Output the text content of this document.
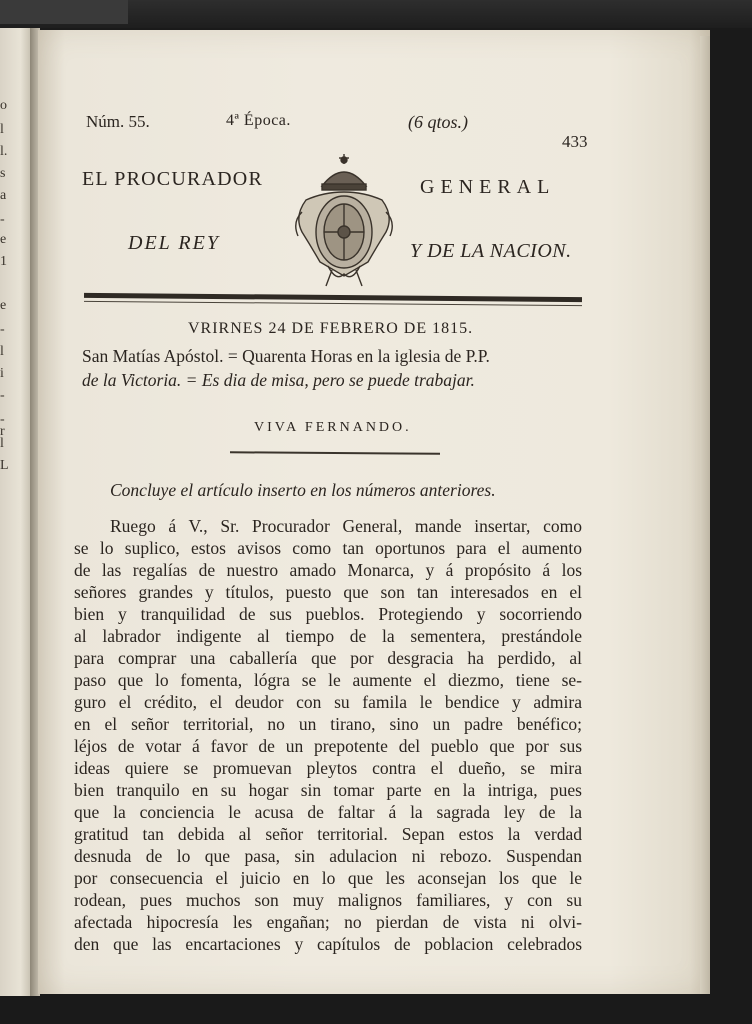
o
l
l.
s
a
-
e
1
e
-
l
i
-
-
r
l
L
Núm. 55.	4ª Época.	(6 qtos.)
433
EL PROCURADOR	GENERAL
DEL REY	Y DE LA NACION.
VRIRNES 24 DE FEBRERO DE 1815.
San Matías Apóstol. = Quarenta Horas en la iglesia de P.P.
de la Victoria. = Es dia de misa, pero se puede trabajar.
VIVA FERNANDO.
Concluye el artículo inserto en los números anteriores.
Ruego á V., Sr. Procurador General, mande insertar, como
se lo suplico, estos avisos como tan oportunos para el aumento
de las regalías de nuestro amado Monarca, y á propósito á los
señores grandes y títulos, puesto que son tan interesados en el
bien y tranquilidad de sus pueblos. Protegiendo y socorriendo
al labrador indigente al tiempo de la sementera, prestándole
para comprar una caballería que por desgracia ha perdido, al
paso que lo fomenta, lógra se le aumente el diezmo, tiene se-
guro el crédito, el deudor con su famila le bendice y admira
en el señor territorial, no un tirano, sino un padre benéfico;
léjos de votar á favor de un prepotente del pueblo que por sus
ideas quiere se promuevan pleytos contra el dueño, se mira
bien tranquilo en su hogar sin tomar parte en la intriga, pues
que la conciencia le acusa de faltar á la sagrada ley de la
gratitud tan debida al señor territorial. Sepan estos la verdad
desnuda de lo que pasa, sin adulacion ni rebozo. Suspendan
por consecuencia el juicio en lo que les aconsejan los que le
rodean, pues muchos son muy malignos familiares, y con su
afectada hipocresía les engañan; no pierdan de vista ni olvi-
den que las encartaciones y capítulos de poblacion celebrados
